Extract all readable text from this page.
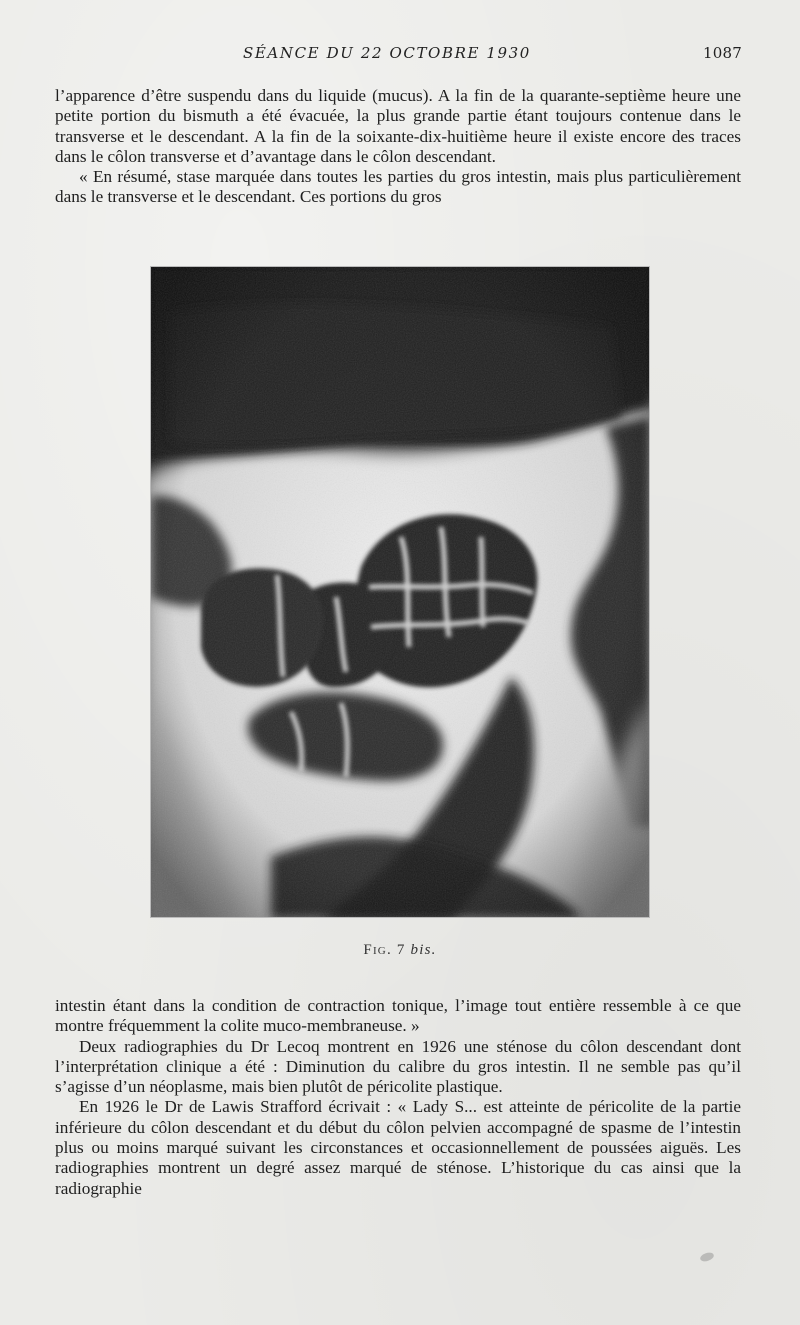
SÉANCE DU 22 OCTOBRE 1930	1087

l’apparence d’être suspendu dans du liquide (mucus). A la fin de la quarante-septième heure une petite portion du bismuth a été évacuée, la plus grande partie étant toujours contenue dans le transverse et le descendant. A la fin de la soixante-dix-huitième heure il existe encore des traces dans le côlon transverse et d’avantage dans le côlon descendant.

« En résumé, stase marquée dans toutes les parties du gros intestin, mais plus particulièrement dans le transverse et le descendant. Ces portions du gros

Fig. 7 bis.

intestin étant dans la condition de contraction tonique, l’image tout entière ressemble à ce que montre fréquemment la colite muco-membraneuse. »

Deux radiographies du Dr Lecoq montrent en 1926 une sténose du côlon descendant dont l’interprétation clinique a été : Diminution du calibre du gros intestin. Il ne semble pas qu’il s’agisse d’un néoplasme, mais bien plutôt de péricolite plastique.

En 1926 le Dr de Lawis Strafford écrivait : « Lady S... est atteinte de péricolite de la partie inférieure du côlon descendant et du début du côlon pelvien accompagné de spasme de l’intestin plus ou moins marqué suivant les circonstances et occasionnellement de poussées aiguës. Les radiographies montrent un degré assez marqué de sténose. L’historique du cas ainsi que la radiographie
